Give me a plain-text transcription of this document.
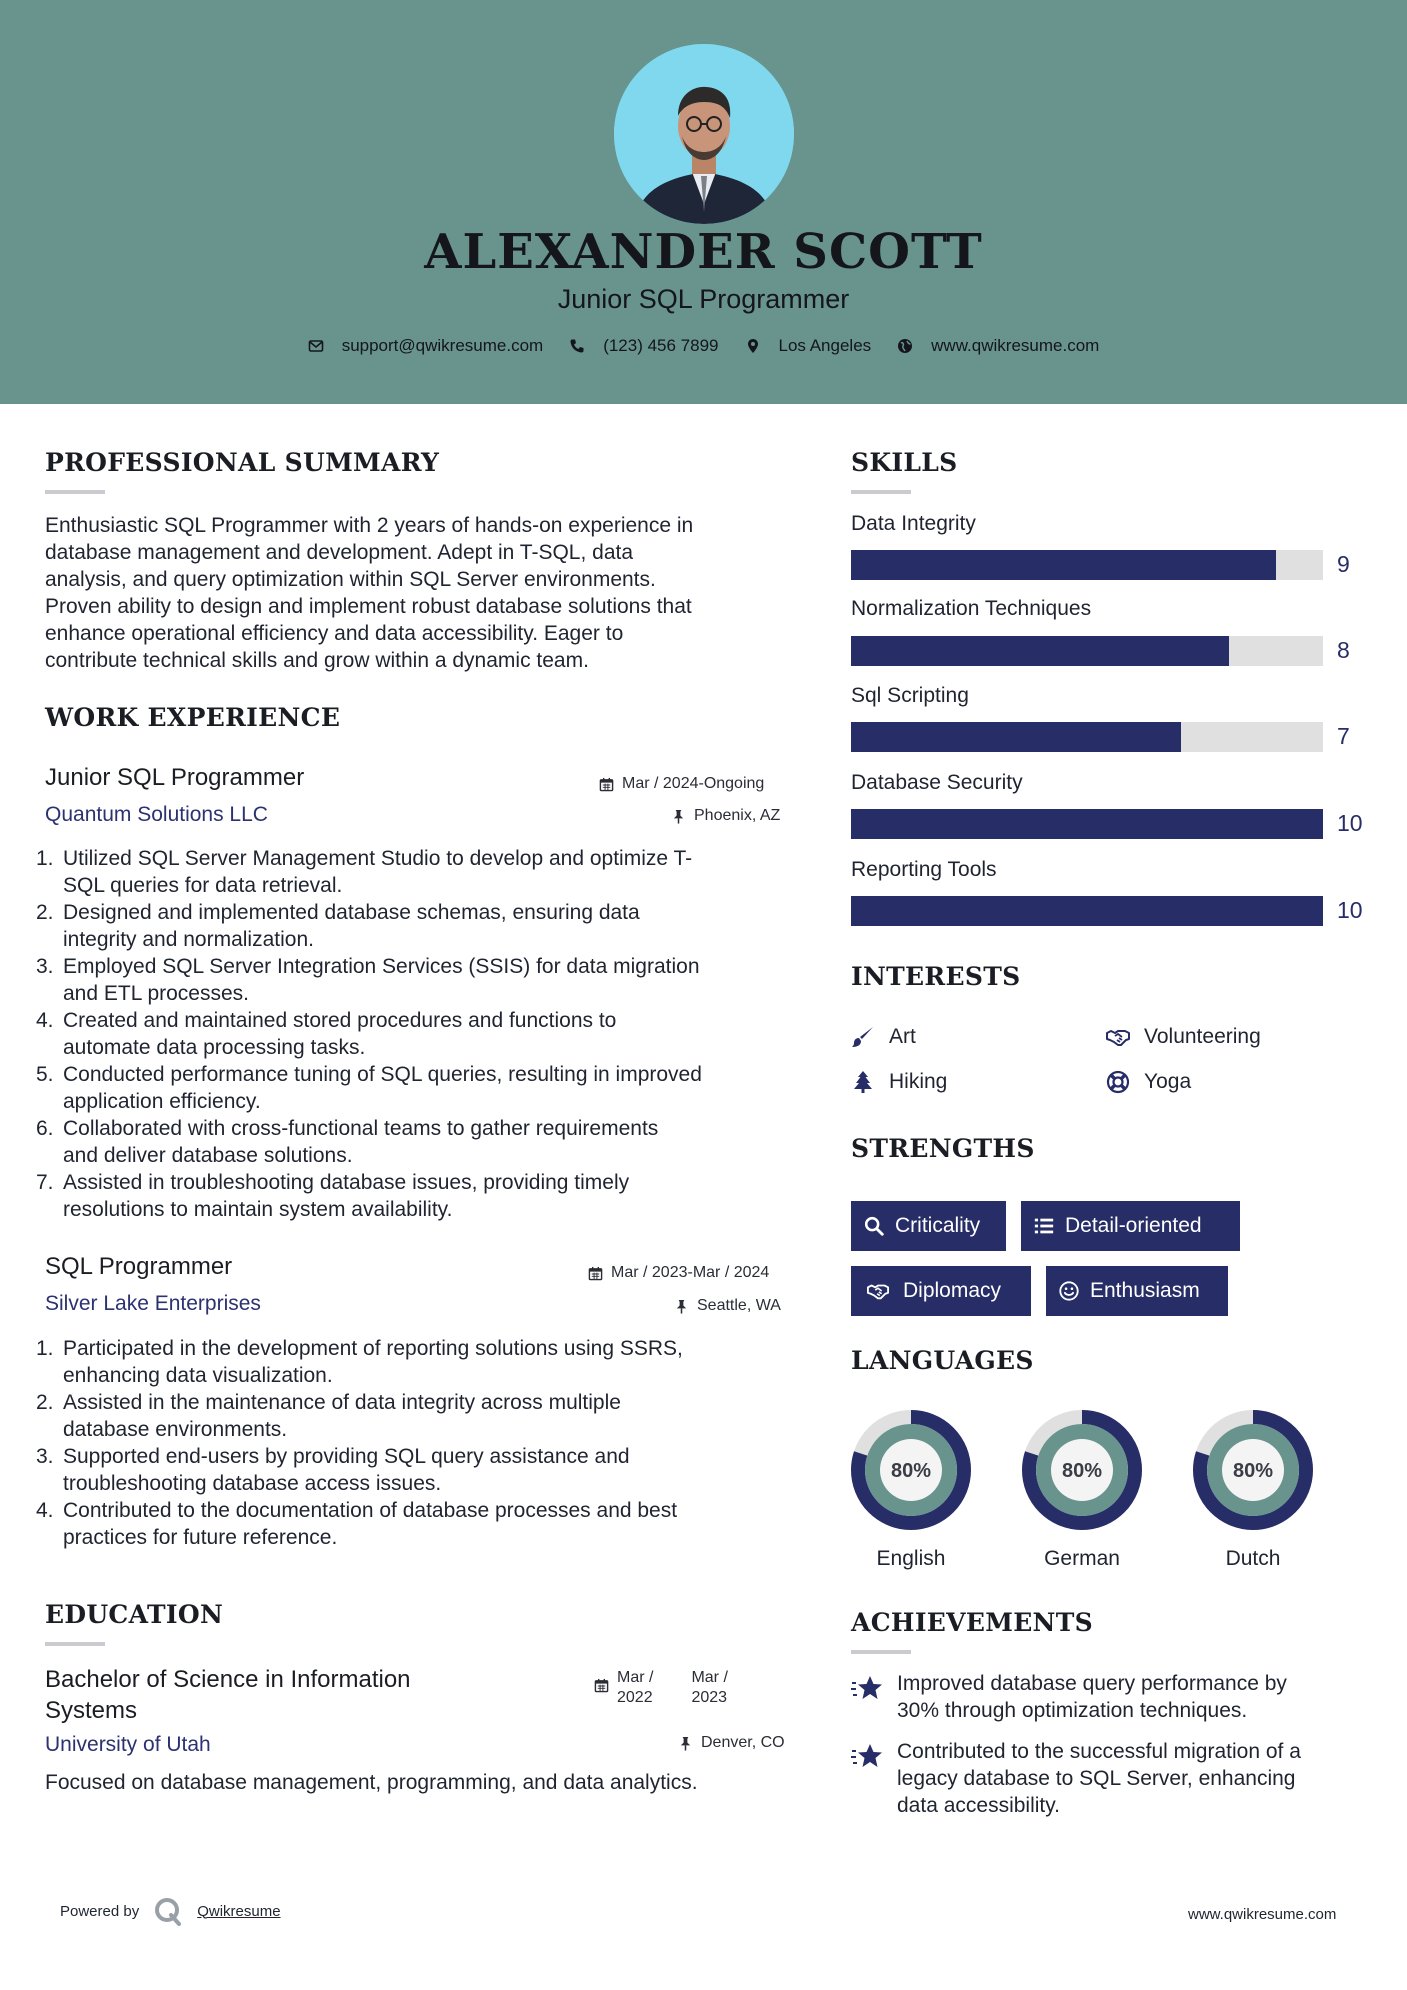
ALEXANDER SCOTT
Junior SQL Programmer
support@qwikresume.com	(123) 456 7899	Los Angeles	www.qwikresume.com
PROFESSIONAL SUMMARY
Enthusiastic SQL Programmer with 2 years of hands-on experience in
database management and development. Adept in T-SQL, data
analysis, and query optimization within SQL Server environments.
Proven ability to design and implement robust database solutions that
enhance operational efficiency and data accessibility. Eager to
contribute technical skills and grow within a dynamic team.
WORK EXPERIENCE
Junior SQL Programmer
Quantum Solutions LLC
Mar / 2024-Ongoing
Phoenix, AZ
1. Utilized SQL Server Management Studio to develop and optimize T-
SQL queries for data retrieval.
2. Designed and implemented database schemas, ensuring data
integrity and normalization.
3. Employed SQL Server Integration Services (SSIS) for data migration
and ETL processes.
4. Created and maintained stored procedures and functions to
automate data processing tasks.
5. Conducted performance tuning of SQL queries, resulting in improved
application efficiency.
6. Collaborated with cross-functional teams to gather requirements
and deliver database solutions.
7. Assisted in troubleshooting database issues, providing timely
resolutions to maintain system availability.
SQL Programmer
Silver Lake Enterprises
Mar / 2023-Mar / 2024
Seattle, WA
1. Participated in the development of reporting solutions using SSRS,
enhancing data visualization.
2. Assisted in the maintenance of data integrity across multiple
database environments.
3. Supported end-users by providing SQL query assistance and
troubleshooting database access issues.
4. Contributed to the documentation of database processes and best
practices for future reference.
EDUCATION
Bachelor of Science in Information
Systems
Mar /
2022
Mar /
2023
University of Utah	Denver, CO
Focused on database management, programming, and data analytics.
SKILLS
Data Integrity
9
Normalization Techniques
8
Sql Scripting
7
Database Security
10
Reporting Tools
10
INTERESTS
Art	Volunteering
Hiking	Yoga
STRENGTHS
Criticality	Detail-oriented
Diplomacy	Enthusiasm
LANGUAGES
80%
English
80%
German
80%
Dutch
ACHIEVEMENTS
Improved database query performance by
30% through optimization techniques.
Contributed to the successful migration of a
legacy database to SQL Server, enhancing
data accessibility.
Powered by	Qwikresume	www.qwikresume.com
